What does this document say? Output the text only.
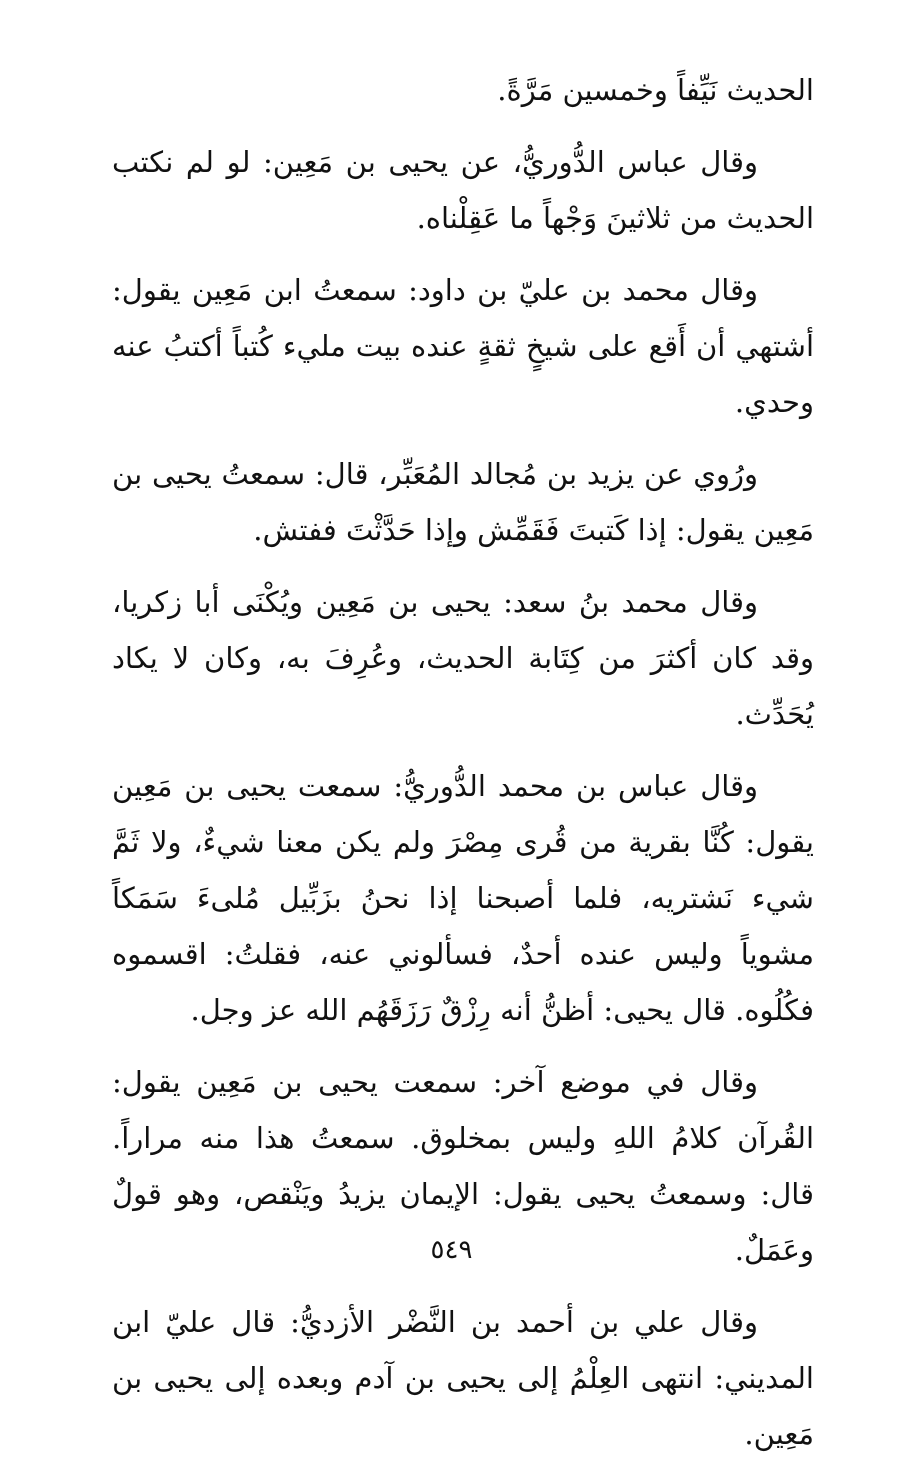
الحديث نَيِّفاً وخمسين مَرَّةً.

وقال عباس الدُّوريُّ، عن يحيى بن مَعِين: لو لم نكتب الحديث من ثلاثينَ وَجْهاً ما عَقِلْناه.

وقال محمد بن عليّ بن داود: سمعتُ ابن مَعِين يقول: أشتهي أن أَقع على شيخٍ ثقةٍ عنده بيت مليء كُتباً أكتبُ عنه وحدي.

ورُوي عن يزيد بن مُجالد المُعَبِّر، قال: سمعتُ يحيى بن مَعِين يقول: إذا كَتبتَ فَقَمِّش وإذا حَدَّثْتَ ففتش.

وقال محمد بنُ سعد: يحيى بن مَعِين ويُكْنَى أبا زكريا، وقد كان أكثرَ من كِتَابة الحديث، وعُرِفَ به، وكان لا يكاد يُحَدِّث.

وقال عباس بن محمد الدُّوريُّ: سمعت يحيى بن مَعِين يقول: كُنَّا بقرية من قُرى مِصْرَ ولم يكن معنا شيءٌ، ولا ثَمَّ شيء نَشتريه، فلما أصبحنا إذا نحنُ بزَبِّيل مُلىءَ سَمَكاً مشوياً وليس عنده أحدٌ، فسألوني عنه، فقلتُ: اقسموه فكُلُوه. قال يحيى: أظنُّ أنه رِزْقٌ رَزَقَهُم الله عز وجل.

وقال في موضع آخر: سمعت يحيى بن مَعِين يقول: القُرآن كلامُ اللهِ وليس بمخلوق. سمعتُ هذا منه مراراً. قال: وسمعتُ يحيى يقول: الإيمان يزيدُ ويَنْقص، وهو قولٌ وعَمَلٌ.

وقال علي بن أحمد بن النَّضْر الأزديُّ: قال عليّ ابن المديني: انتهى العِلْمُ إلى يحيى بن آدم وبعده إلى يحيى بن مَعِين.

٥٤٩
